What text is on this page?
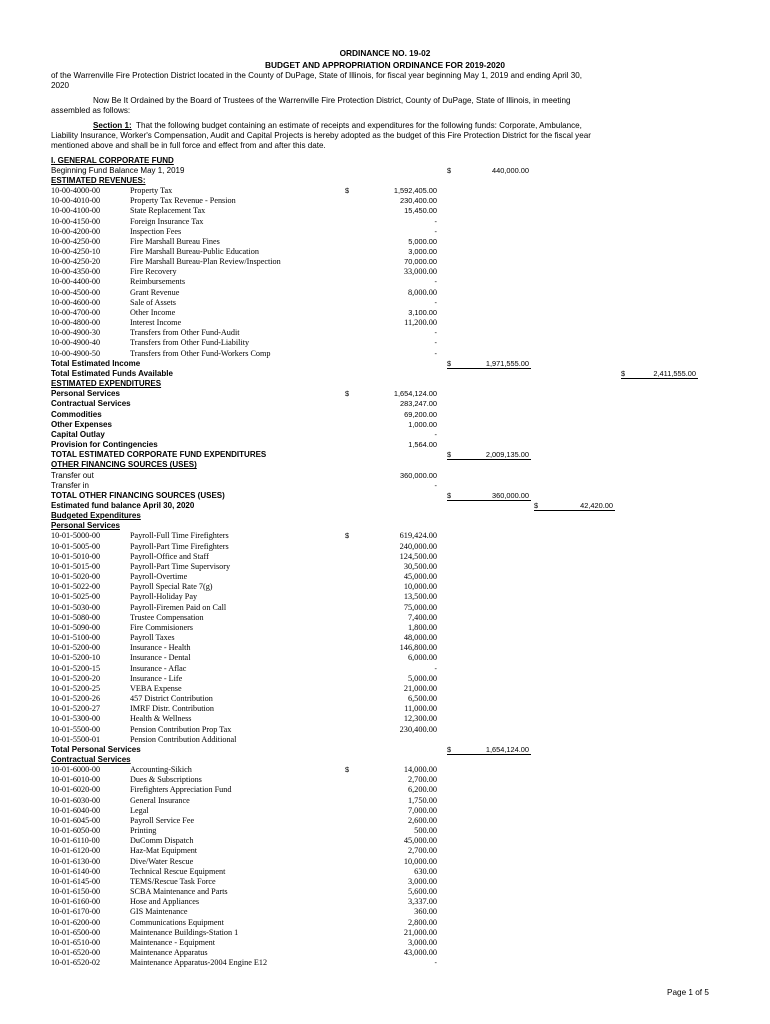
ORDINANCE NO. 19-02
BUDGET AND APPROPRIATION ORDINANCE FOR 2019-2020
of the Warrenville Fire Protection District located in the County of DuPage, State of Illinois, for fiscal year beginning May 1, 2019 and ending April 30,
2020
Now Be It Ordained by the Board of Trustees of the Warrenville Fire Protection District, County of DuPage, State of Illinois, in meeting
assembled as follows:
Section 1: That the following budget containing an estimate of receipts and expenditures for the following funds: Corporate, Ambulance,
Liability Insurance, Worker's Compensation, Audit and Capital Projects is hereby adopted as the budget of this Fire Protection District for the fiscal year
mentioned above and shall be in full force and effect from and after this date.
I. GENERAL CORPORATE FUND
Beginning Fund Balance May 1, 2019	$	440,000.00
ESTIMATED REVENUES:
10-00-4000-00	Property Tax	$	1,592,405.00
10-00-4010-00	Property Tax Revenue - Pension	230,400.00
10-00-4100-00	State Replacement Tax	15,450.00
10-00-4150-00	Foreign Insurance Tax	-
10-00-4200-00	Inspection Fees	-
10-00-4250-00	Fire Marshall Bureau Fines	5,000.00
10-00-4250-10	Fire Marshall Bureau-Public Education	3,000.00
10-00-4250-20	Fire Marshall Bureau-Plan Review/Inspection	70,000.00
10-00-4350-00	Fire Recovery	33,000.00
10-00-4400-00	Reimbursements	-
10-00-4500-00	Grant Revenue	8,000.00
10-00-4600-00	Sale of Assets	-
10-00-4700-00	Other Income	3,100.00
10-00-4800-00	Interest Income	11,200.00
10-00-4900-30	Transfers from Other Fund-Audit	-
10-00-4900-40	Transfers from Other Fund-Liability	-
10-00-4900-50	Transfers from Other Fund-Workers Comp	-
Total Estimated Income	$	1,971,555.00
Total Estimated Funds Available	$	2,411,555.00
ESTIMATED EXPENDITURES
Personal Services	$	1,654,124.00
Contractual Services	283,247.00
Commodities	69,200.00
Other Expenses	1,000.00
Capital Outlay	-
Provision for Contingencies	1,564.00
TOTAL ESTIMATED CORPORATE FUND EXPENDITURES	$	2,009,135.00
OTHER FINANCING SOURCES (USES)
Transfer out	360,000.00
Transfer in	-
TOTAL OTHER FINANCING SOURCES (USES)	$	360,000.00
Estimated fund balance April 30, 2020	$	42,420.00
Budgeted Expenditures
Personal Services
10-01-5000-00	Payroll-Full Time Firefighters	$	619,424.00
10-01-5005-00	Payroll-Part Time Firefighters	240,000.00
10-01-5010-00	Payroll-Office and Staff	124,500.00
10-01-5015-00	Payroll-Part Time Supervisory	30,500.00
10-01-5020-00	Payroll-Overtime	45,000.00
10-01-5022-00	Payroll Special Rate 7(g)	10,000.00
10-01-5025-00	Payroll-Holiday Pay	13,500.00
10-01-5030-00	Payroll-Firemen Paid on Call	75,000.00
10-01-5080-00	Trustee Compensation	7,400.00
10-01-5090-00	Fire Commisioners	1,800.00
10-01-5100-00	Payroll Taxes	48,000.00
10-01-5200-00	Insurance - Health	146,800.00
10-01-5200-10	Insurance - Dental	6,000.00
10-01-5200-15	Insurance - Aflac	-
10-01-5200-20	Insurance - Life	5,000.00
10-01-5200-25	VEBA Expense	21,000.00
10-01-5200-26	457 District Contribution	6,500.00
10-01-5200-27	IMRF Distr. Contribution	11,000.00
10-01-5300-00	Health & Wellness	12,300.00
10-01-5500-00	Pension Contribution Prop Tax	230,400.00
10-01-5500-01	Pension Contribution Additional
Total Personal Services	$	1,654,124.00
Contractual Services
10-01-6000-00	Accounting-Sikich	$	14,000.00
10-01-6010-00	Dues & Subscriptions	2,700.00
10-01-6020-00	Firefighters Appreciation Fund	6,200.00
10-01-6030-00	General Insurance	1,750.00
10-01-6040-00	Legal	7,000.00
10-01-6045-00	Payroll Service Fee	2,600.00
10-01-6050-00	Printing	500.00
10-01-6110-00	DuComm Dispatch	45,000.00
10-01-6120-00	Haz-Mat Equipment	2,700.00
10-01-6130-00	Dive/Water Rescue	10,000.00
10-01-6140-00	Technical Rescue Equipment	630.00
10-01-6145-00	TEMS/Rescue Task Force	3,000.00
10-01-6150-00	SCBA Maintenance and Parts	5,600.00
10-01-6160-00	Hose and Appliances	3,337.00
10-01-6170-00	GIS Maintenance	360.00
10-01-6200-00	Communications Equipment	2,800.00
10-01-6500-00	Maintenance Buildings-Station 1	21,000.00
10-01-6510-00	Maintenance - Equipment	3,000.00
10-01-6520-00	Maintenance Apparatus	43,000.00
10-01-6520-02	Maintenance Apparatus-2004 Engine E12	-
Page 1 of 5
